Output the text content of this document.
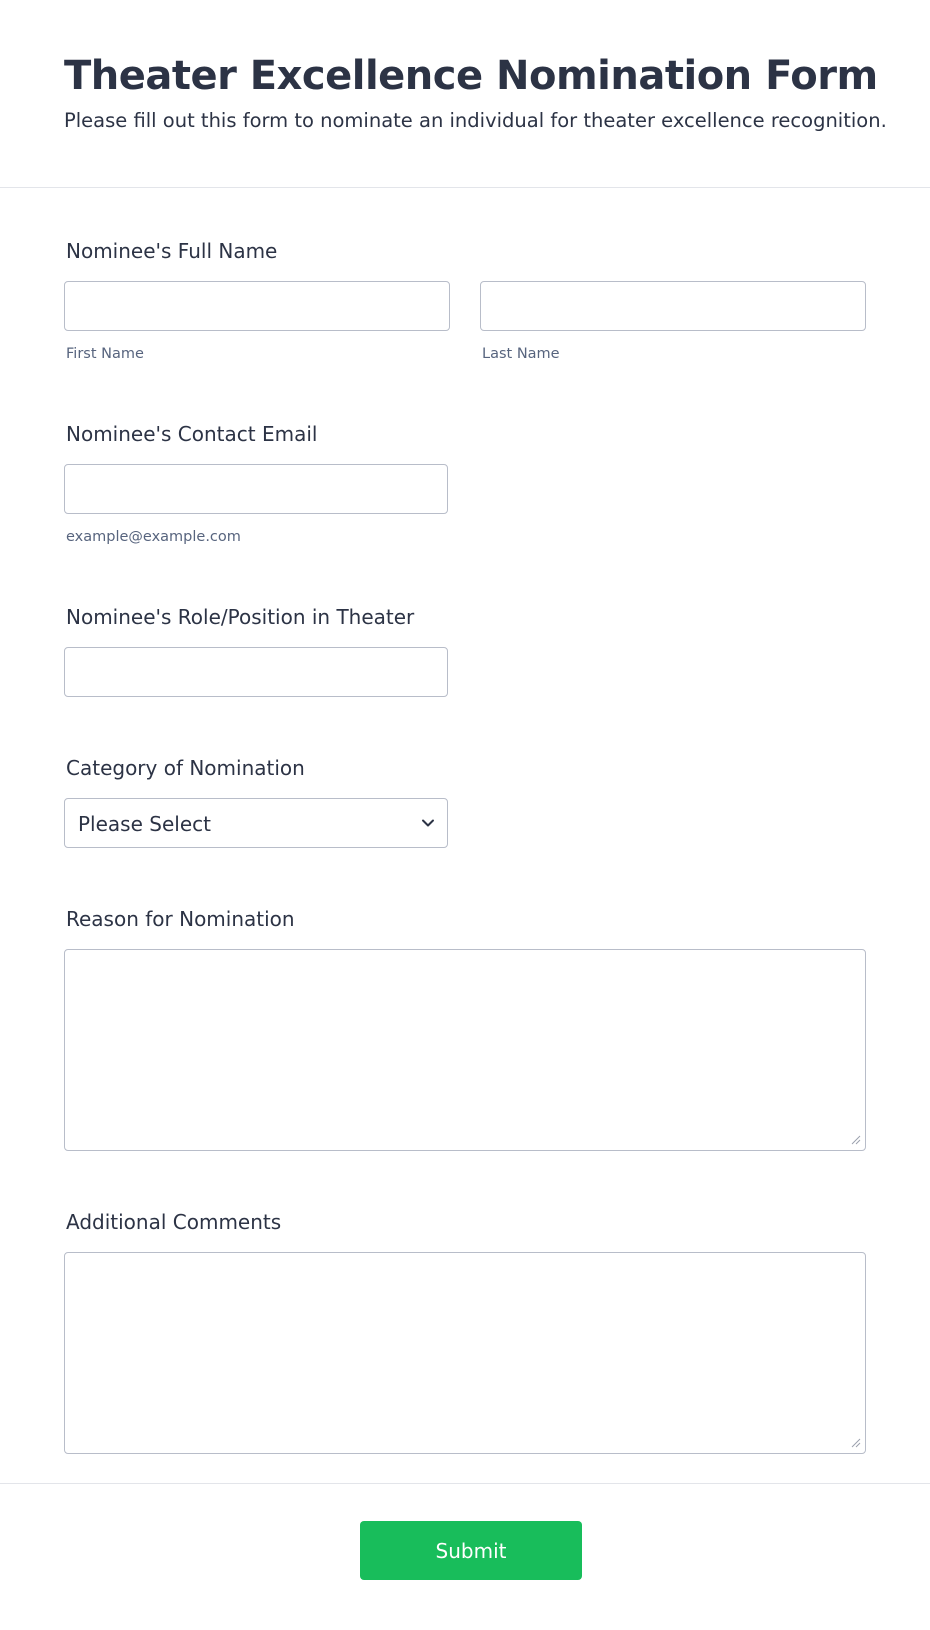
Theater Excellence Nomination Form

Please fill out this form to nominate an individual for theater excellence recognition.

Nominee's Full Name
First Name	Last Name
Nominee's Contact Email
example@example.com
Nominee's Role/Position in Theater
Category of Nomination
Please Select
Reason for Nomination
Additional Comments
Submit
